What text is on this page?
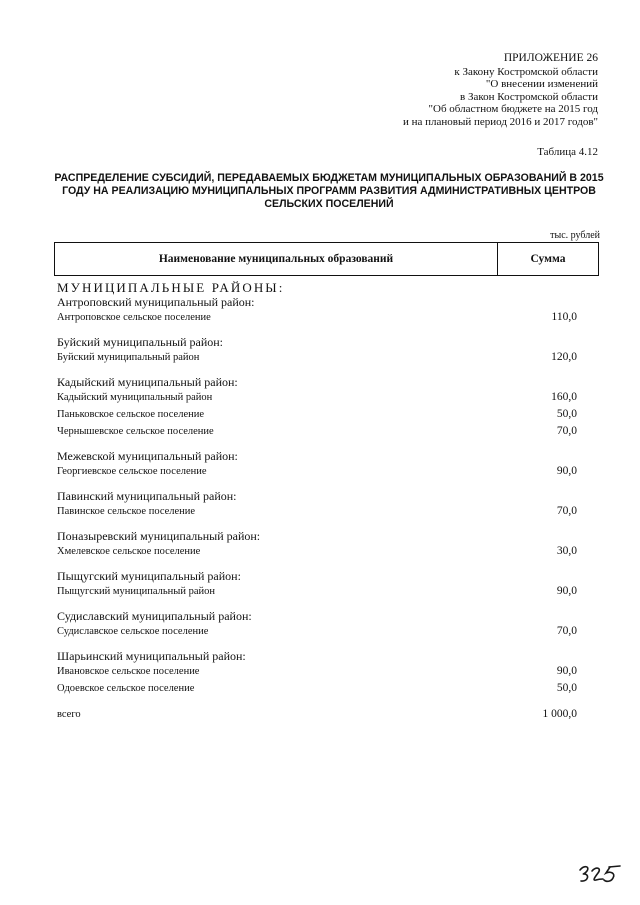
ПРИЛОЖЕНИЕ 26
к Закону Костромской области
"О внесении изменений
в Закон Костромской области
"Об областном бюджете на 2015 год
и на плановый период 2016 и 2017 годов"
Таблица 4.12
РАСПРЕДЕЛЕНИЕ СУБСИДИЙ, ПЕРЕДАВАЕМЫХ БЮДЖЕТАМ МУНИЦИПАЛЬНЫХ ОБРАЗОВАНИЙ В 2015 ГОДУ НА РЕАЛИЗАЦИЮ МУНИЦИПАЛЬНЫХ ПРОГРАММ РАЗВИТИЯ АДМИНИСТРАТИВНЫХ ЦЕНТРОВ СЕЛЬСКИХ ПОСЕЛЕНИЙ
тыс. рублей
Наименование муниципальных образований	Сумма
МУНИЦИПАЛЬНЫЕ РАЙОНЫ:
Антроповский муниципальный район:
Антроповское сельское поселение	110,0
Буйский муниципальный район:
Буйский муниципальный район	120,0
Кадыйский муниципальный район:
Кадыйский муниципальный район	160,0
Паньковское сельское поселение	50,0
Чернышевское сельское поселение	70,0
Межевской муниципальный район:
Георгиевское сельское поселение	90,0
Павинский муниципальный район:
Павинское сельское поселение	70,0
Поназыревский муниципальный район:
Хмелевское сельское поселение	30,0
Пыщугский муниципальный район:
Пыщугский муниципальный район	90,0
Судиславский муниципальный район:
Судиславское сельское поселение	70,0
Шарьинский муниципальный район:
Ивановское сельское поселение	90,0
Одоевское сельское поселение	50,0
всего	1 000,0
